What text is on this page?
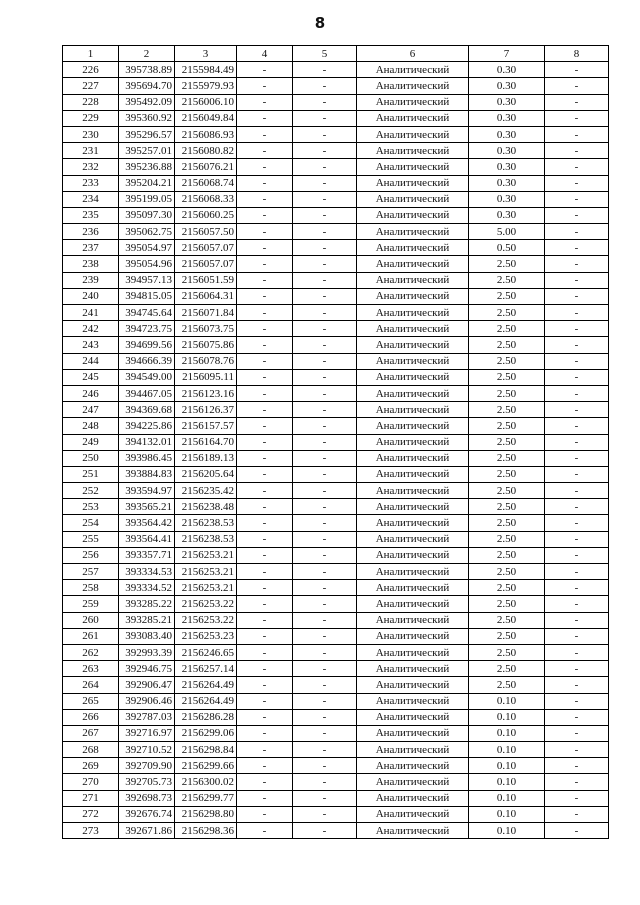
8
1	2	3	4	5	6	7	8
226	395738.89	2155984.49	-	-	Аналитический	0.30	-
227	395694.70	2155979.93	-	-	Аналитический	0.30	-
228	395492.09	2156006.10	-	-	Аналитический	0.30	-
229	395360.92	2156049.84	-	-	Аналитический	0.30	-
230	395296.57	2156086.93	-	-	Аналитический	0.30	-
231	395257.01	2156080.82	-	-	Аналитический	0.30	-
232	395236.88	2156076.21	-	-	Аналитический	0.30	-
233	395204.21	2156068.74	-	-	Аналитический	0.30	-
234	395199.05	2156068.33	-	-	Аналитический	0.30	-
235	395097.30	2156060.25	-	-	Аналитический	0.30	-
236	395062.75	2156057.50	-	-	Аналитический	5.00	-
237	395054.97	2156057.07	-	-	Аналитический	0.50	-
238	395054.96	2156057.07	-	-	Аналитический	2.50	-
239	394957.13	2156051.59	-	-	Аналитический	2.50	-
240	394815.05	2156064.31	-	-	Аналитический	2.50	-
241	394745.64	2156071.84	-	-	Аналитический	2.50	-
242	394723.75	2156073.75	-	-	Аналитический	2.50	-
243	394699.56	2156075.86	-	-	Аналитический	2.50	-
244	394666.39	2156078.76	-	-	Аналитический	2.50	-
245	394549.00	2156095.11	-	-	Аналитический	2.50	-
246	394467.05	2156123.16	-	-	Аналитический	2.50	-
247	394369.68	2156126.37	-	-	Аналитический	2.50	-
248	394225.86	2156157.57	-	-	Аналитический	2.50	-
249	394132.01	2156164.70	-	-	Аналитический	2.50	-
250	393986.45	2156189.13	-	-	Аналитический	2.50	-
251	393884.83	2156205.64	-	-	Аналитический	2.50	-
252	393594.97	2156235.42	-	-	Аналитический	2.50	-
253	393565.21	2156238.48	-	-	Аналитический	2.50	-
254	393564.42	2156238.53	-	-	Аналитический	2.50	-
255	393564.41	2156238.53	-	-	Аналитический	2.50	-
256	393357.71	2156253.21	-	-	Аналитический	2.50	-
257	393334.53	2156253.21	-	-	Аналитический	2.50	-
258	393334.52	2156253.21	-	-	Аналитический	2.50	-
259	393285.22	2156253.22	-	-	Аналитический	2.50	-
260	393285.21	2156253.22	-	-	Аналитический	2.50	-
261	393083.40	2156253.23	-	-	Аналитический	2.50	-
262	392993.39	2156246.65	-	-	Аналитический	2.50	-
263	392946.75	2156257.14	-	-	Аналитический	2.50	-
264	392906.47	2156264.49	-	-	Аналитический	2.50	-
265	392906.46	2156264.49	-	-	Аналитический	0.10	-
266	392787.03	2156286.28	-	-	Аналитический	0.10	-
267	392716.97	2156299.06	-	-	Аналитический	0.10	-
268	392710.52	2156298.84	-	-	Аналитический	0.10	-
269	392709.90	2156299.66	-	-	Аналитический	0.10	-
270	392705.73	2156300.02	-	-	Аналитический	0.10	-
271	392698.73	2156299.77	-	-	Аналитический	0.10	-
272	392676.74	2156298.80	-	-	Аналитический	0.10	-
273	392671.86	2156298.36	-	-	Аналитический	0.10	-
